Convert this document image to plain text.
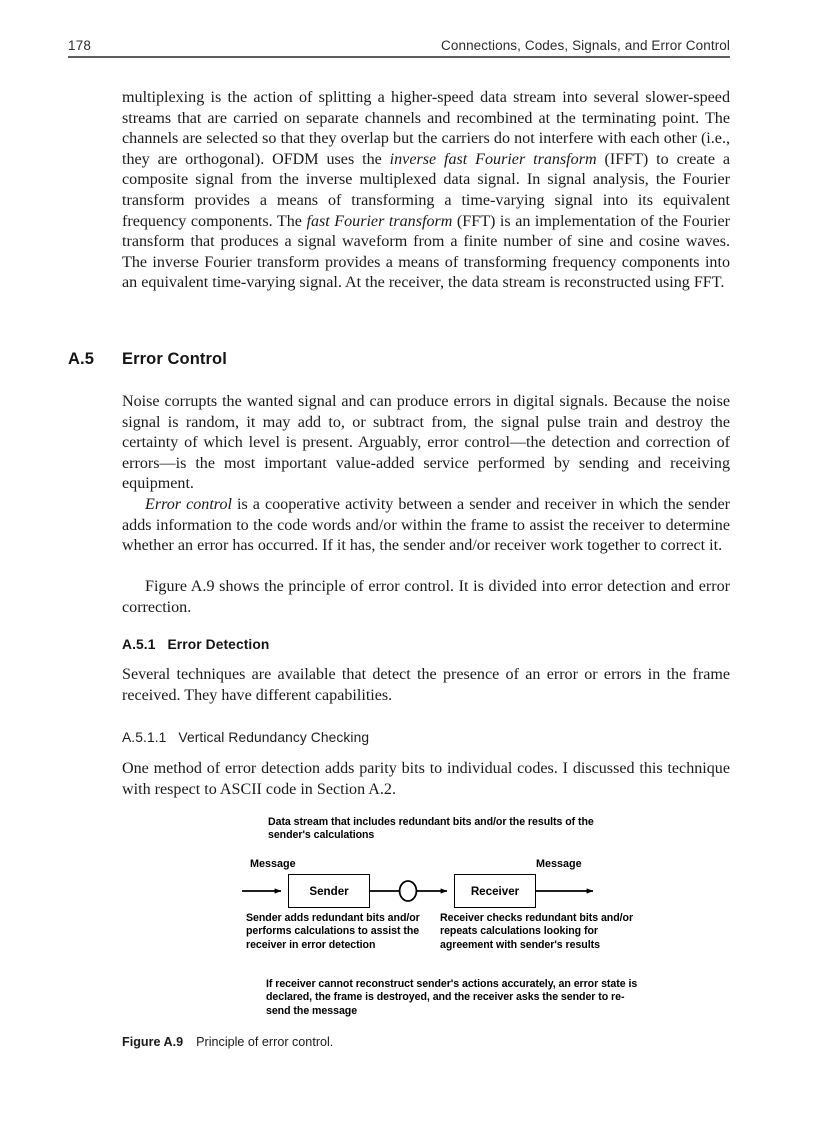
178	Connections, Codes, Signals, and Error Control

multiplexing is the action of splitting a higher-speed data stream into several slower-speed streams that are carried on separate channels and recombined at the terminating point. The channels are selected so that they overlap but the carriers do not interfere with each other (i.e., they are orthogonal). OFDM uses the inverse fast Fourier transform (IFFT) to create a composite signal from the inverse multiplexed data signal. In signal analysis, the Fourier transform provides a means of transforming a time-varying signal into its equivalent frequency components. The fast Fourier transform (FFT) is an implementation of the Fourier transform that produces a signal waveform from a finite number of sine and cosine waves. The inverse Fourier transform provides a means of transforming frequency components into an equivalent time-varying signal. At the receiver, the data stream is reconstructed using FFT.

A.5 Error Control

Noise corrupts the wanted signal and can produce errors in digital signals. Because the noise signal is random, it may add to, or subtract from, the signal pulse train and destroy the certainty of which level is present. Arguably, error control—the detection and correction of errors—is the most important value-added service performed by sending and receiving equipment.

Error control is a cooperative activity between a sender and receiver in which the sender adds information to the code words and/or within the frame to assist the receiver to determine whether an error has occurred. If it has, the sender and/or receiver work together to correct it.

Figure A.9 shows the principle of error control. It is divided into error detection and error correction.

A.5.1 Error Detection

Several techniques are available that detect the presence of an error or errors in the frame received. They have different capabilities.

A.5.1.1 Vertical Redundancy Checking

One method of error detection adds parity bits to individual codes. I discussed this technique with respect to ASCII code in Section A.2.

Data stream that includes redundant bits and/or the results of the sender's calculations
Message	Message
Sender	Receiver
Sender adds redundant bits and/or performs calculations to assist the receiver in error detection
Receiver checks redundant bits and/or repeats calculations looking for agreement with sender's results
If receiver cannot reconstruct sender's actions accurately, an error state is declared, the frame is destroyed, and the receiver asks the sender to re-send the message
Figure A.9 Principle of error control.
